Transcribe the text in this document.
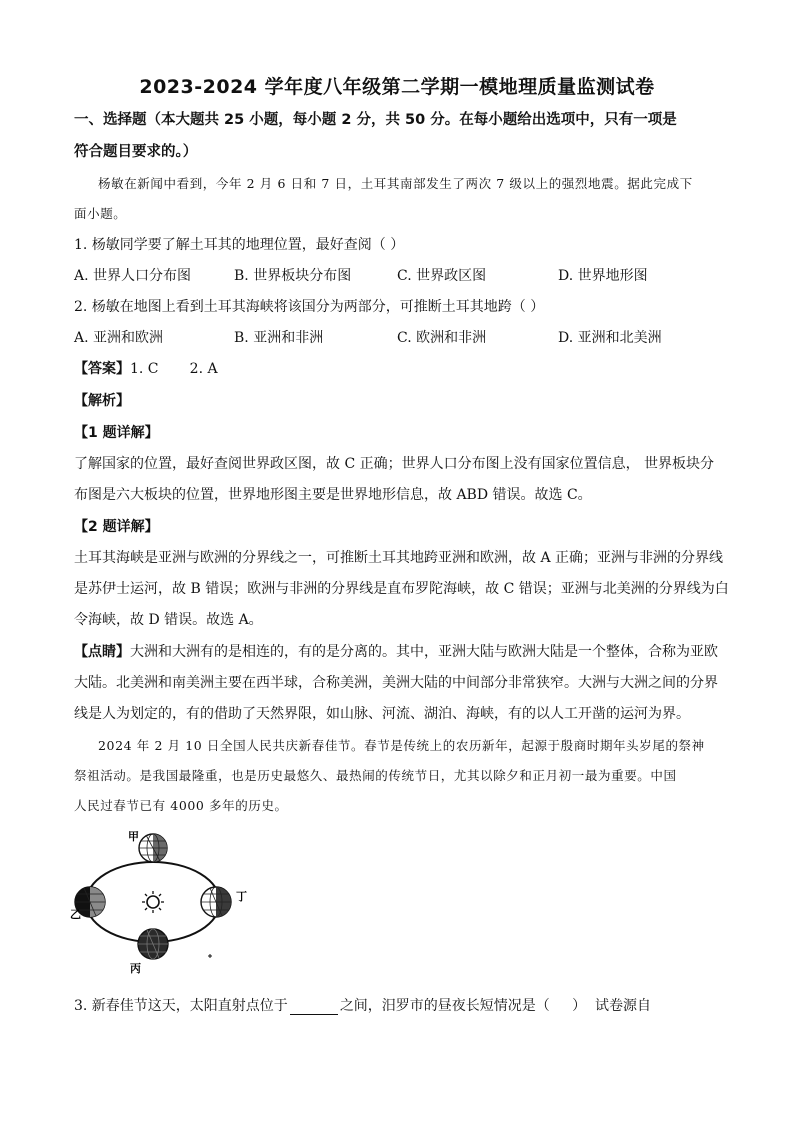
2023-2024 学年度八年级第二学期一模地理质量监测试卷
一、选择题（本大题共 25 小题，每小题 2 分，共 50 分。在每小题给出选项中，只有一项是
符合题目要求的。）
杨敏在新闻中看到，今年 2 月 6 日和 7 日，土耳其南部发生了两次 7 级以上的强烈地震。据此完成下
面小题。
1. 杨敏同学要了解土耳其的地理位置，最好查阅（ ）
A. 世界人口分布图	B. 世界板块分布图	C. 世界政区图	D. 世界地形图
2. 杨敏在地图上看到土耳其海峡将该国分为两部分，可推断土耳其地跨（ ）
A. 亚洲和欧洲	B. 亚洲和非洲	C. 欧洲和非洲	D. 亚洲和北美洲
【答案】1. C       2. A
【解析】
【1 题详解】
了解国家的位置，最好查阅世界政区图，故 C 正确；世界人口分布图上没有国家位置信息， 世界板块分
布图是六大板块的位置，世界地形图主要是世界地形信息，故 ABD 错误。故选 C。
【2 题详解】
土耳其海峡是亚洲与欧洲的分界线之一，可推断土耳其地跨亚洲和欧洲，故 A 正确；亚洲与非洲的分界线
是苏伊士运河，故 B 错误；欧洲与非洲的分界线是直布罗陀海峡，故 C 错误；亚洲与北美洲的分界线为白
令海峡，故 D 错误。故选 A。
【点睛】大洲和大洲有的是相连的，有的是分离的。其中，亚洲大陆与欧洲大陆是一个整体，合称为亚欧
大陆。北美洲和南美洲主要在西半球，合称美洲，美洲大陆的中间部分非常狭窄。大洲与大洲之间的分界
线是人为划定的，有的借助了天然界限，如山脉、河流、湖泊、海峡，有的以人工开凿的运河为界。
2024 年 2 月 10 日全国人民共庆新春佳节。春节是传统上的农历新年，起源于殷商时期年头岁尾的祭神
祭祖活动。是我国最隆重，也是历史最悠久、最热闹的传统节日，尤其以除夕和正月初一最为重要。中国
人民过春节已有 4000 多年的历史。
甲
乙
丁
丙
3. 新春佳节这天，太阳直射点位于	之间，汨罗市的昼夜长短情况是（     ）  试卷源自
